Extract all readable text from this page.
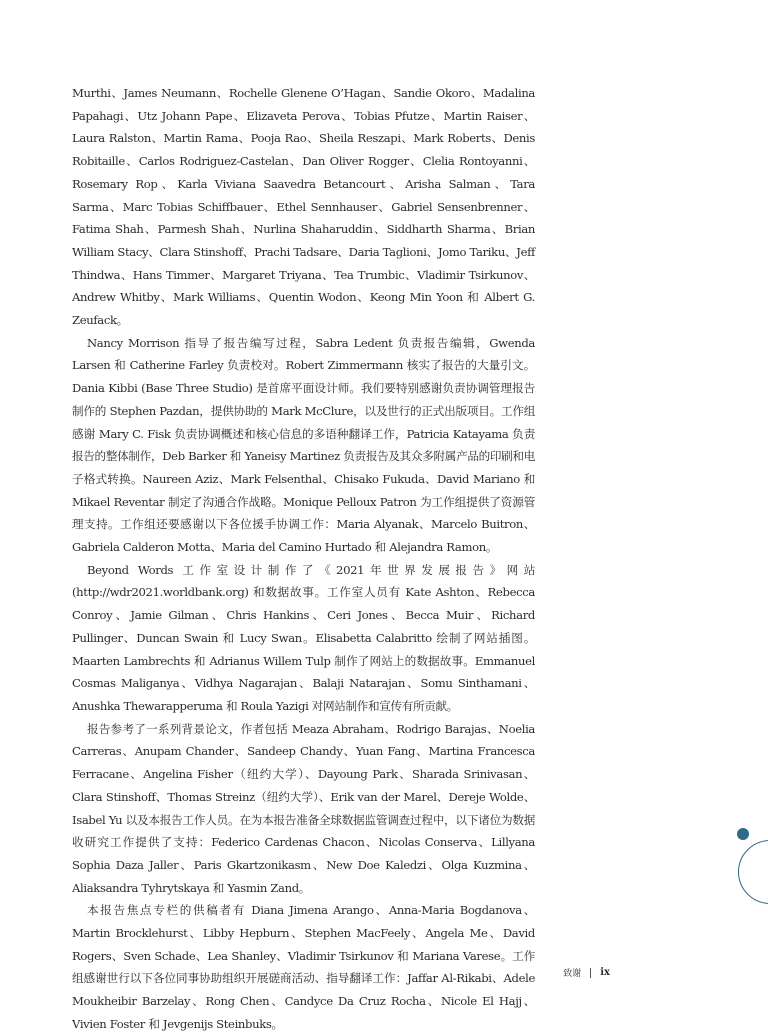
Murthi、James Neumann、Rochelle Glenene O’Hagan、Sandie Okoro、Madalina Papahagi、Utz Johann Pape、Elizaveta Perova、Tobias Pfutze、Martin Raiser、Laura Ralston、Martin Rama、Pooja Rao、Sheila Reszapi、Mark Roberts、Denis Robitaille、Carlos Rodriguez-Castelan、Dan Oliver Rogger、Clelia Rontoyanni、Rosemary Rop、Karla Viviana Saavedra Betancourt、Arisha Salman、Tara Sarma、Marc Tobias Schiffbauer、Ethel Sennhauser、Gabriel Sensenbrenner、Fatima Shah、Parmesh Shah、Nurlina Shaharuddin、Siddharth Sharma、Brian William Stacy、Clara Stinshoff、Prachi Tadsare、Daria Taglioni、Jomo Tariku、Jeff Thindwa、Hans Timmer、Margaret Triyana、Tea Trumbic、Vladimir Tsirkunov、Andrew Whitby、Mark Williams、Quentin Wodon、Keong Min Yoon 和 Albert G. Zeufack。

Nancy Morrison 指导了报告编写过程，Sabra Ledent 负责报告编辑，Gwenda Larsen 和 Catherine Farley 负责校对。Robert Zimmermann 核实了报告的大量引文。Dania Kibbi (Base Three Studio) 是首席平面设计师。我们要特别感谢负责协调管理报告制作的 Stephen Pazdan，提供协助的 Mark McClure，以及世行的正式出版项目。工作组感谢 Mary C. Fisk 负责协调概述和核心信息的多语种翻译工作，Patricia Katayama 负责报告的整体制作，Deb Barker 和 Yaneisy Martinez 负责报告及其众多附属产品的印刷和电子格式转换。Naureen Aziz、Mark Felsenthal、Chisako Fukuda、David Mariano 和 Mikael Reventar 制定了沟通合作战略。Monique Pelloux Patron 为工作组提供了资源管理支持。工作组还要感谢以下各位援手协调工作：Maria Alyanak、Marcelo Buitron、Gabriela Calderon Motta、Maria del Camino Hurtado 和 Alejandra Ramon。

Beyond Words 工作室设计制作了《2021年世界发展报告》网站 (http://wdr2021.worldbank.org) 和数据故事。工作室人员有 Kate Ashton、Rebecca Conroy、Jamie Gilman、Chris Hankins、Ceri Jones、Becca Muir、Richard Pullinger、Duncan Swain 和 Lucy Swan。Elisabetta Calabritto 绘制了网站插图。Maarten Lambrechts 和 Adrianus Willem Tulp 制作了网站上的数据故事。Emmanuel Cosmas Maliganya、Vidhya Nagarajan、Balaji Natarajan、Somu Sinthamani、Anushka Thewarapperuma 和 Roula Yazigi 对网站制作和宣传有所贡献。

报告参考了一系列背景论文，作者包括 Meaza Abraham、Rodrigo Barajas、Noelia Carreras、Anupam Chander、Sandeep Chandy、Yuan Fang、Martina Francesca Ferracane、Angelina Fisher（纽约大学）、Dayoung Park、Sharada Srinivasan、Clara Stinshoff、Thomas Streinz（纽约大学）、Erik van der Marel、Dereje Wolde、Isabel Yu 以及本报告工作人员。在为本报告准备全球数据监管调查过程中，以下诸位为数据收研究工作提供了支持：Federico Cardenas Chacon、Nicolas Conserva、Lillyana Sophia Daza Jaller、Paris Gkartzonikasm、New Doe Kaledzi、Olga Kuzmina、Aliaksandra Tyhrytskaya 和 Yasmin Zand。

本报告焦点专栏的供稿者有 Diana Jimena Arango、Anna-Maria Bogdanova、Martin Brocklehurst、Libby Hepburn、Stephen MacFeely、Angela Me、David Rogers、Sven Schade、Lea Shanley、Vladimir Tsirkunov 和 Mariana Varese。工作组感谢世行以下各位同事协助组织开展磋商活动、指导翻译工作：Jaffar Al-Rikabi、Adele Moukheibir Barzelay、Rong Chen、Candyce Da Cruz Rocha、Nicole El Hajj、Vivien Foster 和 Jevgenijs Steinbuks。

致谢 ix
